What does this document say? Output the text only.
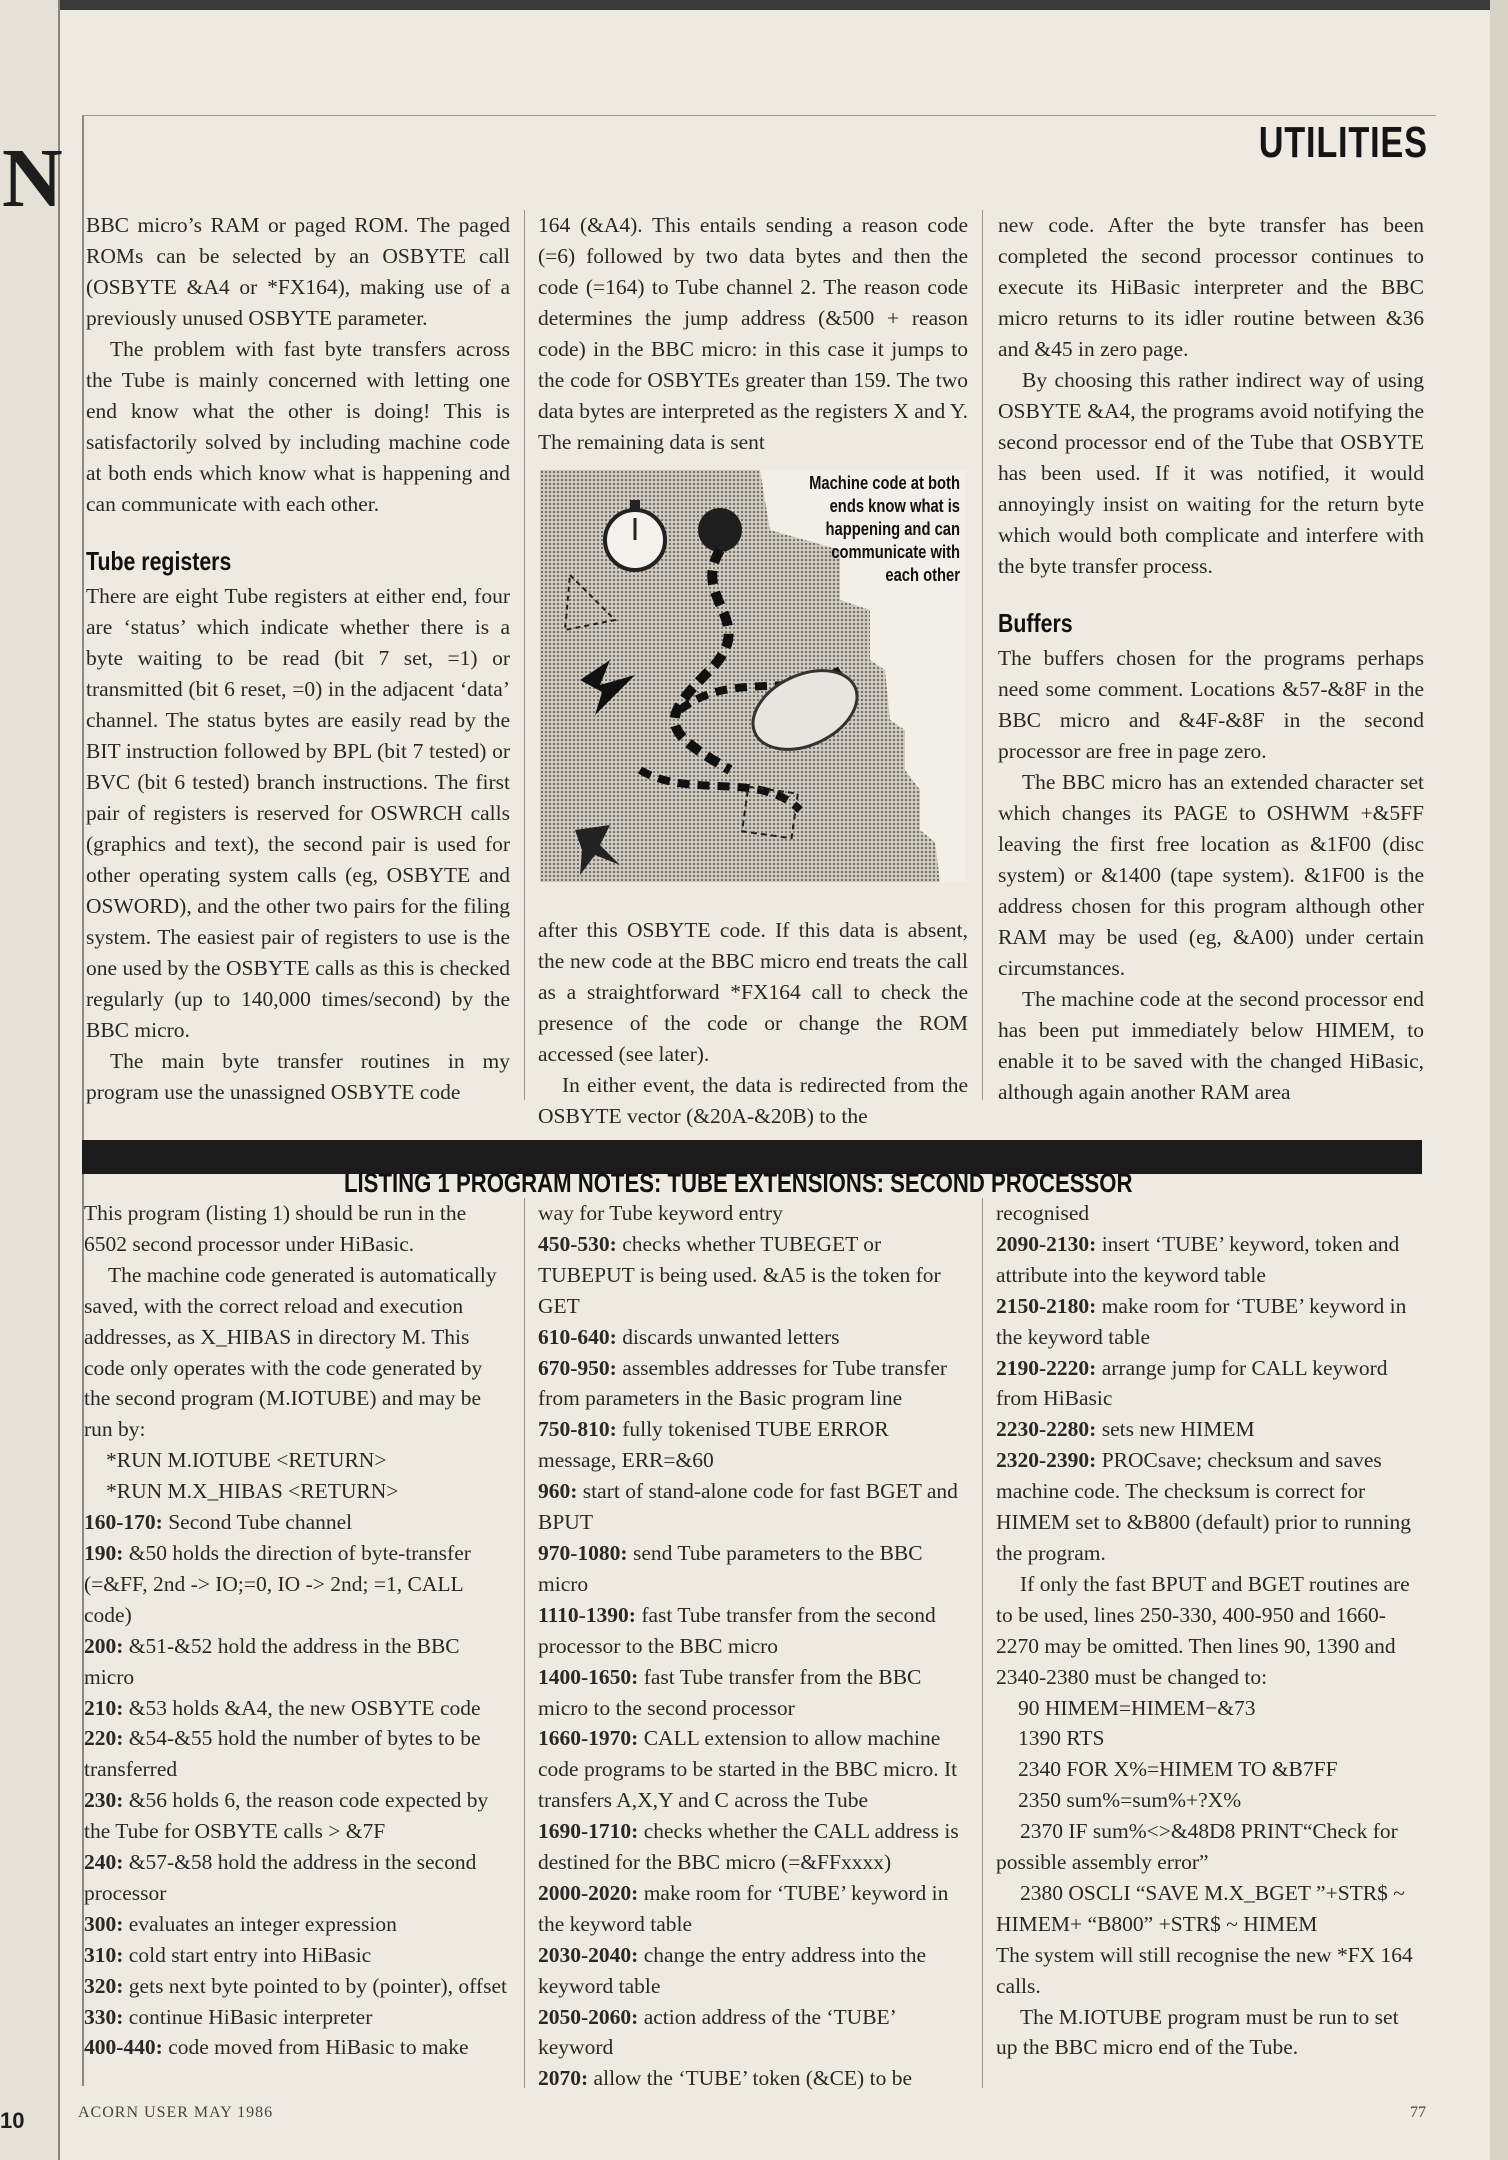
N
10
UTILITIES

BBC micro’s RAM or paged ROM. The paged ROMs can be selected by an OSBYTE call (OSBYTE &A4 or *FX164), making use of a previously unused OSBYTE parameter.

The problem with fast byte transfers across the Tube is mainly concerned with letting one end know what the other is doing! This is satisfactorily solved by including machine code at both ends which know what is happening and can communicate with each other.

Tube registers

There are eight Tube registers at either end, four are ‘status’ which indicate whether there is a byte waiting to be read (bit 7 set, =1) or transmitted (bit 6 reset, =0) in the adjacent ‘data’ channel. The status bytes are easily read by the BIT instruction followed by BPL (bit 7 tested) or BVC (bit 6 tested) branch instructions. The first pair of registers is reserved for OSWRCH calls (graphics and text), the second pair is used for other operating system calls (eg, OSBYTE and OSWORD), and the other two pairs for the filing system. The easiest pair of registers to use is the one used by the OSBYTE calls as this is checked regularly (up to 140,000 times/second) by the BBC micro.

The main byte transfer routines in my program use the unassigned OSBYTE code

164 (&A4). This entails sending a reason code (=6) followed by two data bytes and then the code (=164) to Tube channel 2. The reason code determines the jump address (&500 + reason code) in the BBC micro: in this case it jumps to the code for OSBYTEs greater than 159. The two data bytes are interpreted as the registers X and Y. The remaining data is sent

Machine code at both ends know what is happening and can communicate with each other

after this OSBYTE code. If this data is absent, the new code at the BBC micro end treats the call as a straightforward *FX164 call to check the presence of the code or change the ROM accessed (see later).

In either event, the data is redirected from the OSBYTE vector (&20A-&20B) to the

new code. After the byte transfer has been completed the second processor continues to execute its HiBasic interpreter and the BBC micro returns to its idler routine between &36 and &45 in zero page.

By choosing this rather indirect way of using OSBYTE &A4, the programs avoid notifying the second processor end of the Tube that OSBYTE has been used. If it was notified, it would annoyingly insist on waiting for the return byte which would both complicate and interfere with the byte transfer process.

Buffers

The buffers chosen for the programs perhaps need some comment. Locations &57-&8F in the BBC micro and &4F-&8F in the second processor are free in page zero.

The BBC micro has an extended character set which changes its PAGE to OSHWM +&5FF leaving the first free location as &1F00 (disc system) or &1400 (tape system). &1F00 is the address chosen for this program although other RAM may be used (eg, &A00) under certain circumstances.

The machine code at the second processor end has been put immediately below HIMEM, to enable it to be saved with the changed HiBasic, although again another RAM area

LISTING 1 PROGRAM NOTES: TUBE EXTENSIONS: SECOND PROCESSOR

This program (listing 1) should be run in the 6502 second processor under HiBasic.

The machine code generated is automatically saved, with the correct reload and execution addresses, as X_HIBAS in directory M. This code only operates with the code generated by the second program (M.IOTUBE) and may be run by:

*RUN M.IOTUBE <RETURN>

*RUN M.X_HIBAS <RETURN>

160-170: Second Tube channel

190: &50 holds the direction of byte-transfer (=&FF, 2nd -> IO;=0, IO -> 2nd; =1, CALL code)

200: &51-&52 hold the address in the BBC micro

210: &53 holds &A4, the new OSBYTE code

220: &54-&55 hold the number of bytes to be transferred

230: &56 holds 6, the reason code expected by the Tube for OSBYTE calls > &7F

240: &57-&58 hold the address in the second processor

300: evaluates an integer expression

310: cold start entry into HiBasic

320: gets next byte pointed to by (pointer), offset

330: continue HiBasic interpreter

400-440: code moved from HiBasic to make

way for Tube keyword entry

450-530: checks whether TUBEGET or TUBEPUT is being used. &A5 is the token for GET

610-640: discards unwanted letters

670-950: assembles addresses for Tube transfer from parameters in the Basic program line

750-810: fully tokenised TUBE ERROR message, ERR=&60

960: start of stand-alone code for fast BGET and BPUT

970-1080: send Tube parameters to the BBC micro

1110-1390: fast Tube transfer from the second processor to the BBC micro

1400-1650: fast Tube transfer from the BBC micro to the second processor

1660-1970: CALL extension to allow machine code programs to be started in the BBC micro. It transfers A,X,Y and C across the Tube

1690-1710: checks whether the CALL address is destined for the BBC micro (=&FFxxxx)

2000-2020: make room for ‘TUBE’ keyword in the keyword table

2030-2040: change the entry address into the keyword table

2050-2060: action address of the ‘TUBE’ keyword

2070: allow the ‘TUBE’ token (&CE) to be

recognised

2090-2130: insert ‘TUBE’ keyword, token and attribute into the keyword table

2150-2180: make room for ‘TUBE’ keyword in the keyword table

2190-2220: arrange jump for CALL keyword from HiBasic

2230-2280: sets new HIMEM

2320-2390: PROCsave; checksum and saves machine code. The checksum is correct for HIMEM set to &B800 (default) prior to running the program.

If only the fast BPUT and BGET routines are to be used, lines 250-330, 400-950 and 1660-2270 may be omitted. Then lines 90, 1390 and 2340-2380 must be changed to:

90 HIMEM=HIMEM−&73

1390 RTS

2340 FOR X%=HIMEM TO &B7FF

2350 sum%=sum%+?X%

2370 IF sum%<>&48D8 PRINT“Check for possible assembly error”

2380 OSCLI “SAVE M.X_BGET ”+STR$ ~ HIMEM+ “B800” +STR$ ~ HIMEM

The system will still recognise the new *FX 164 calls.

The M.IOTUBE program must be run to set up the BBC micro end of the Tube.

ACORN USER MAY 1986	77
